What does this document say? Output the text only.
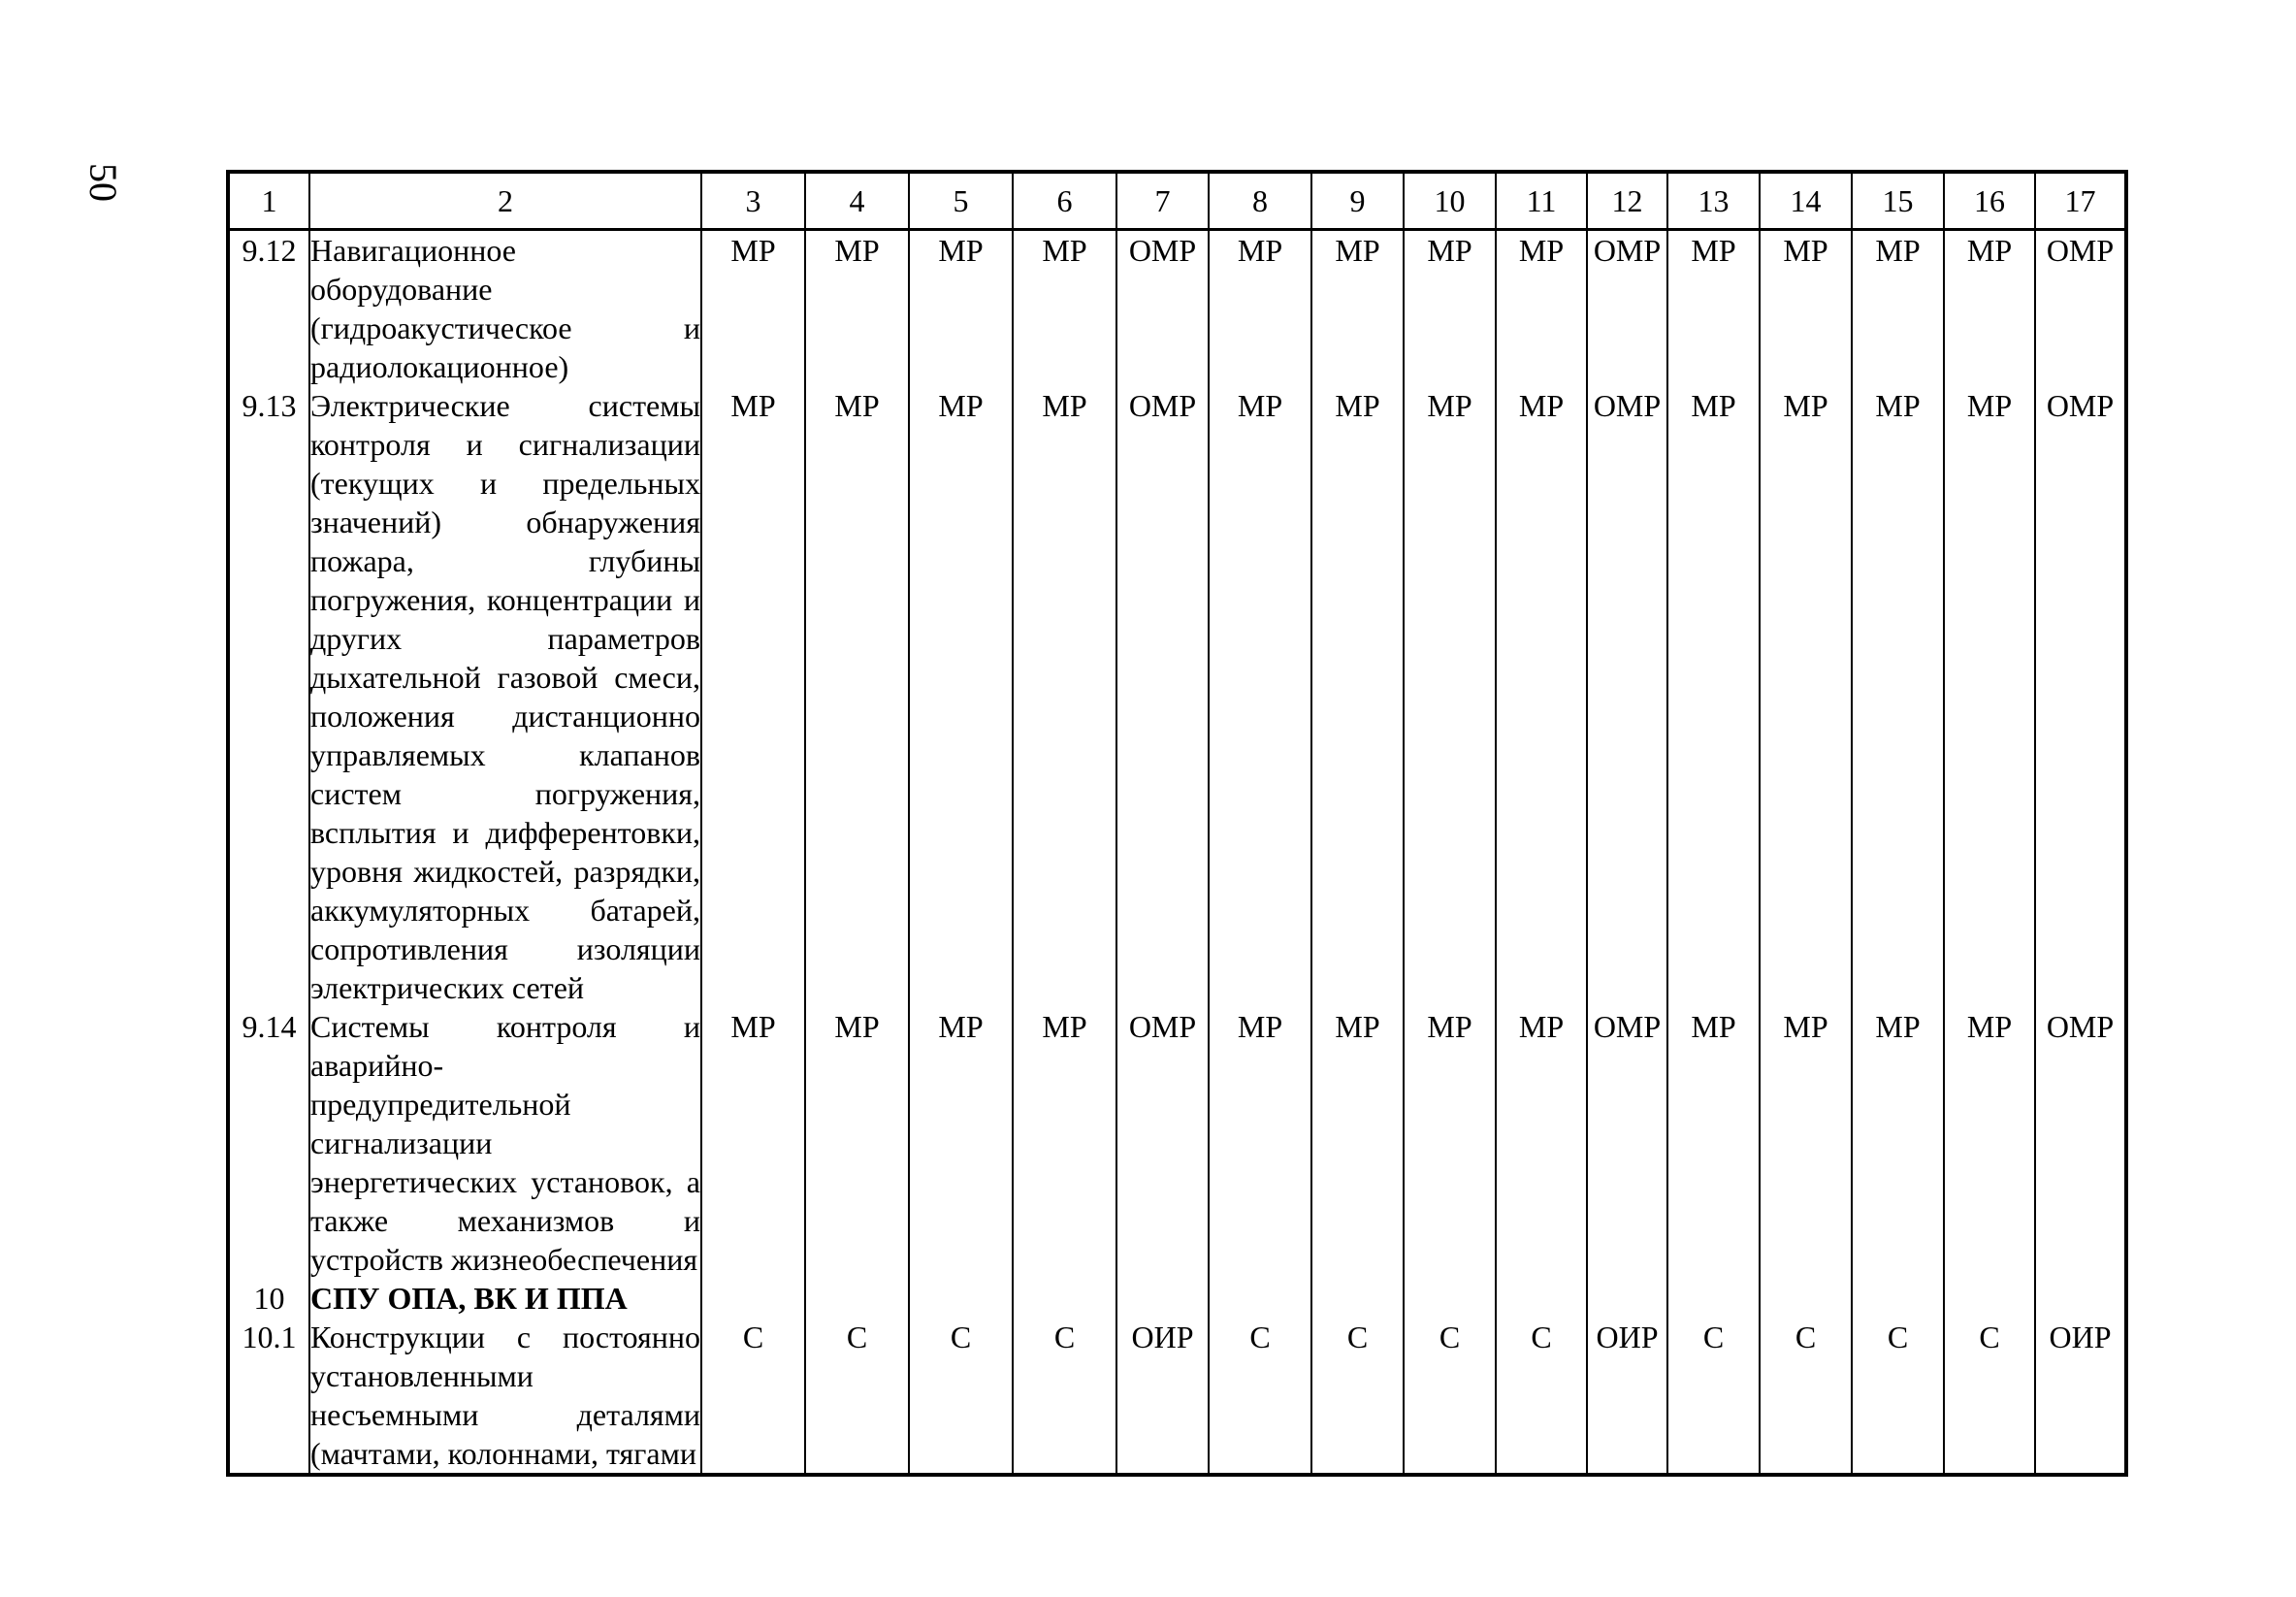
50	1	2	3	4	5	6	7	8	9	10	11	12	13	14	15	16	17
9.12	Навигационное оборудование (гидроакустическое и радиолокационное)	МР	МР	МР	МР	ОМР	МР	МР	МР	МР	ОМР	МР	МР	МР	МР	ОМР
9.13	Электрические системы контроля и сигнализации (текущих и предельных значений) обнаружения пожара, глубины погружения, концентрации и других параметров дыхательной газовой смеси, положения дистанционно управляемых клапанов систем погружения, всплытия и дифферентовки, уровня жидкостей, разрядки, аккумуляторных батарей, сопротивления изоляции электрических сетей	МР	МР	МР	МР	ОМР	МР	МР	МР	МР	ОМР	МР	МР	МР	МР	ОМР
9.14	Системы контроля и аварийно-предупредительной сигнализации энергетических установок, а также механизмов и устройств жизнеобеспечения	МР	МР	МР	МР	ОМР	МР	МР	МР	МР	ОМР	МР	МР	МР	МР	ОМР
10	СПУ ОПА, ВК И ППА															
10.1	Конструкции с постоянно установленными несъемными деталями (мачтами, колоннами, тягами	С	С	С	С	ОИР	С	С	С	С	ОИР	С	С	С	С	ОИР
